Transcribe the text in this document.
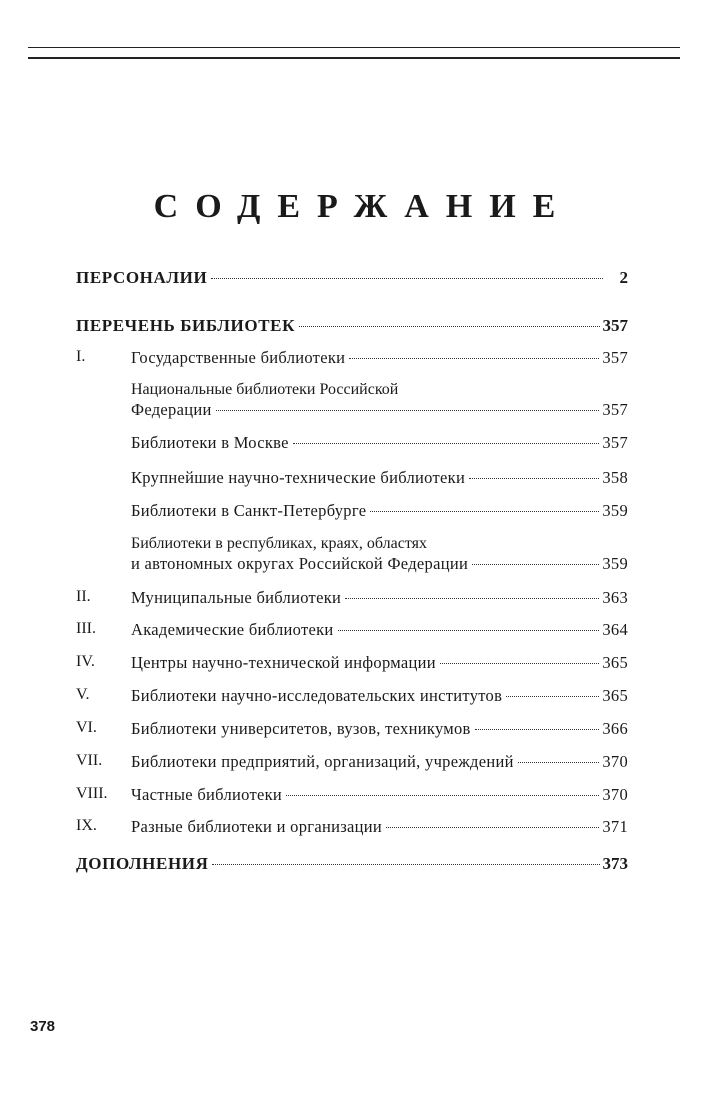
СОДЕРЖАНИЕ
ПЕРСОНАЛИИ	2
ПЕРЕЧЕНЬ БИБЛИОТЕК	357
I.	Государственные библиотеки	357
Национальные библиотеки Российской
Федерации	357
Библиотеки в Москве	357
Крупнейшие научно-технические библиотеки	358
Библиотеки в Санкт-Петербурге	359
Библиотеки в республиках, краях, областях
и автономных округах Российской Федерации	359
II.	Муниципальные библиотеки	363
III.	Академические библиотеки	364
IV.	Центры научно-технической информации	365
V.	Библиотеки научно-исследовательских институтов	365
VI.	Библиотеки университетов, вузов, техникумов	366
VII.	Библиотеки предприятий, организаций, учреждений	370
VIII.	Частные библиотеки	370
IX.	Разные библиотеки и организации	371
ДОПОЛНЕНИЯ	373
378
